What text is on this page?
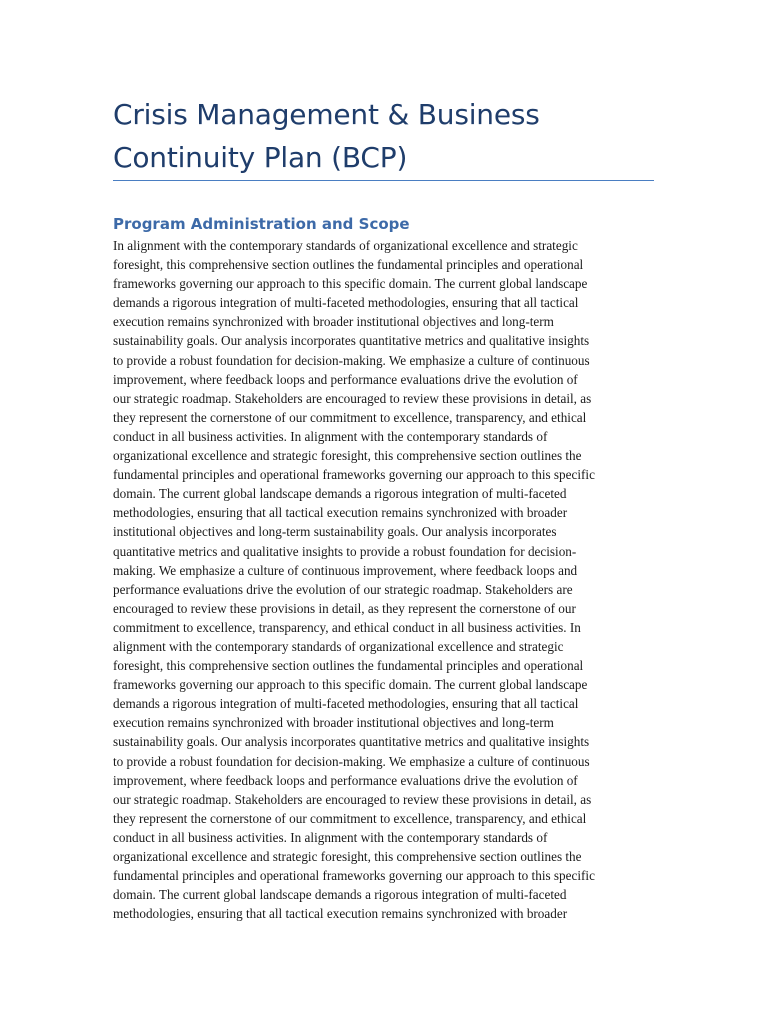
Crisis Management & Business Continuity Plan (BCP)
Program Administration and Scope

In alignment with the contemporary standards of organizational excellence and strategic
foresight, this comprehensive section outlines the fundamental principles and operational
frameworks governing our approach to this specific domain. The current global landscape
demands a rigorous integration of multi-faceted methodologies, ensuring that all tactical
execution remains synchronized with broader institutional objectives and long-term
sustainability goals. Our analysis incorporates quantitative metrics and qualitative insights
to provide a robust foundation for decision-making. We emphasize a culture of continuous
improvement, where feedback loops and performance evaluations drive the evolution of
our strategic roadmap. Stakeholders are encouraged to review these provisions in detail, as
they represent the cornerstone of our commitment to excellence, transparency, and ethical
conduct in all business activities. In alignment with the contemporary standards of
organizational excellence and strategic foresight, this comprehensive section outlines the
fundamental principles and operational frameworks governing our approach to this specific
domain. The current global landscape demands a rigorous integration of multi-faceted
methodologies, ensuring that all tactical execution remains synchronized with broader
institutional objectives and long-term sustainability goals. Our analysis incorporates
quantitative metrics and qualitative insights to provide a robust foundation for decision-
making. We emphasize a culture of continuous improvement, where feedback loops and
performance evaluations drive the evolution of our strategic roadmap. Stakeholders are
encouraged to review these provisions in detail, as they represent the cornerstone of our
commitment to excellence, transparency, and ethical conduct in all business activities. In
alignment with the contemporary standards of organizational excellence and strategic
foresight, this comprehensive section outlines the fundamental principles and operational
frameworks governing our approach to this specific domain. The current global landscape
demands a rigorous integration of multi-faceted methodologies, ensuring that all tactical
execution remains synchronized with broader institutional objectives and long-term
sustainability goals. Our analysis incorporates quantitative metrics and qualitative insights
to provide a robust foundation for decision-making. We emphasize a culture of continuous
improvement, where feedback loops and performance evaluations drive the evolution of
our strategic roadmap. Stakeholders are encouraged to review these provisions in detail, as
they represent the cornerstone of our commitment to excellence, transparency, and ethical
conduct in all business activities. In alignment with the contemporary standards of
organizational excellence and strategic foresight, this comprehensive section outlines the
fundamental principles and operational frameworks governing our approach to this specific
domain. The current global landscape demands a rigorous integration of multi-faceted
methodologies, ensuring that all tactical execution remains synchronized with broader
